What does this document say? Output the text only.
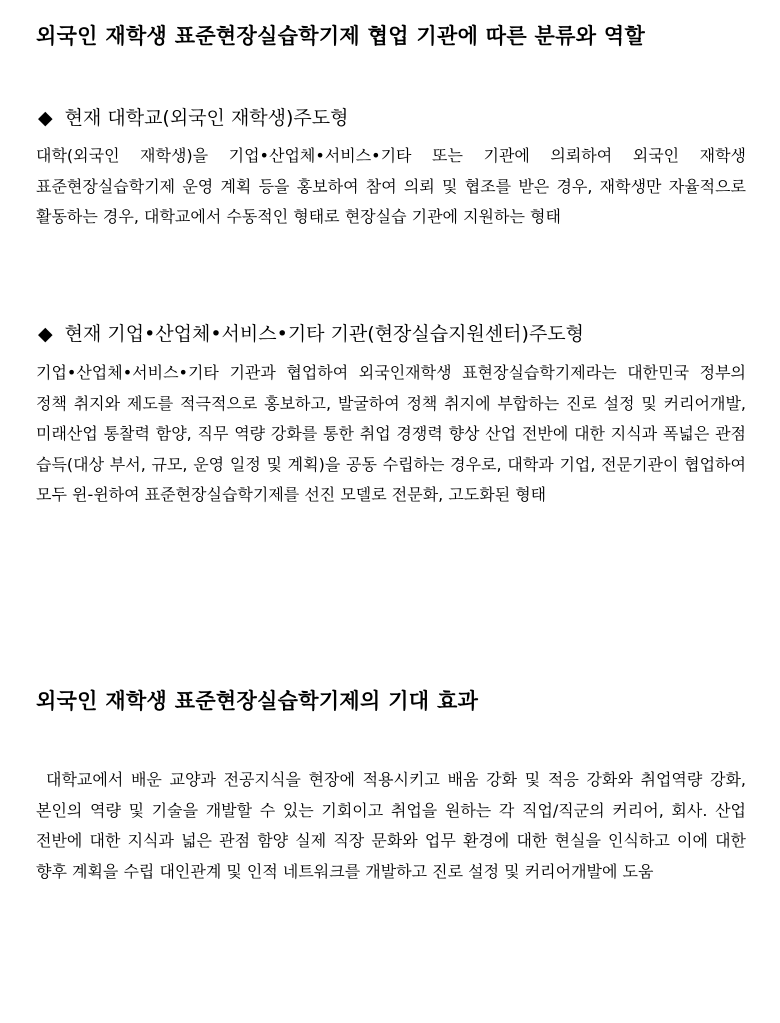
외국인 재학생 표준현장실습학기제 협업 기관에 따른 분류와 역할
◆ 현재 대학교(외국인 재학생)주도형
대학(외국인 재학생)을 기업•산업체•서비스•기타 또는 기관에 의뢰하여 외국인 재학생 표준현장실습학기제 운영 계획 등을 홍보하여 참여 의뢰 및 협조를 받은 경우, 재학생만 자율적으로 활동하는 경우, 대학교에서 수동적인 형태로 현장실습 기관에 지원하는 형태
◆ 현재 기업•산업체•서비스•기타 기관(현장실습지원센터)주도형
기업•산업체•서비스•기타 기관과 협업하여 외국인재학생 표현장실습학기제라는 대한민국 정부의 정책 취지와 제도를 적극적으로 홍보하고, 발굴하여 정책 취지에 부합하는 진로 설정 및 커리어개발, 미래산업 통찰력 함양, 직무 역량 강화를 통한 취업 경쟁력 향상 산업 전반에 대한 지식과 폭넓은 관점 습득(대상 부서, 규모, 운영 일정 및 계획)을 공동 수립하는 경우로, 대학과 기업, 전문기관이 협업하여 모두 윈-윈하여 표준현장실습학기제를 선진 모델로 전문화, 고도화된 형태
외국인 재학생 표준현장실습학기제의 기대 효과
대학교에서 배운 교양과 전공지식을 현장에 적용시키고 배움 강화 및 적응 강화와 취업역량 강화, 본인의 역량 및 기술을 개발할 수 있는 기회이고 취업을 원하는 각 직업/직군의 커리어, 회사. 산업 전반에 대한 지식과 넓은 관점 함양 실제 직장 문화와 업무 환경에 대한 현실을 인식하고 이에 대한 향후 계획을 수립 대인관계 및 인적 네트워크를 개발하고 진로 설정 및 커리어개발에 도움
